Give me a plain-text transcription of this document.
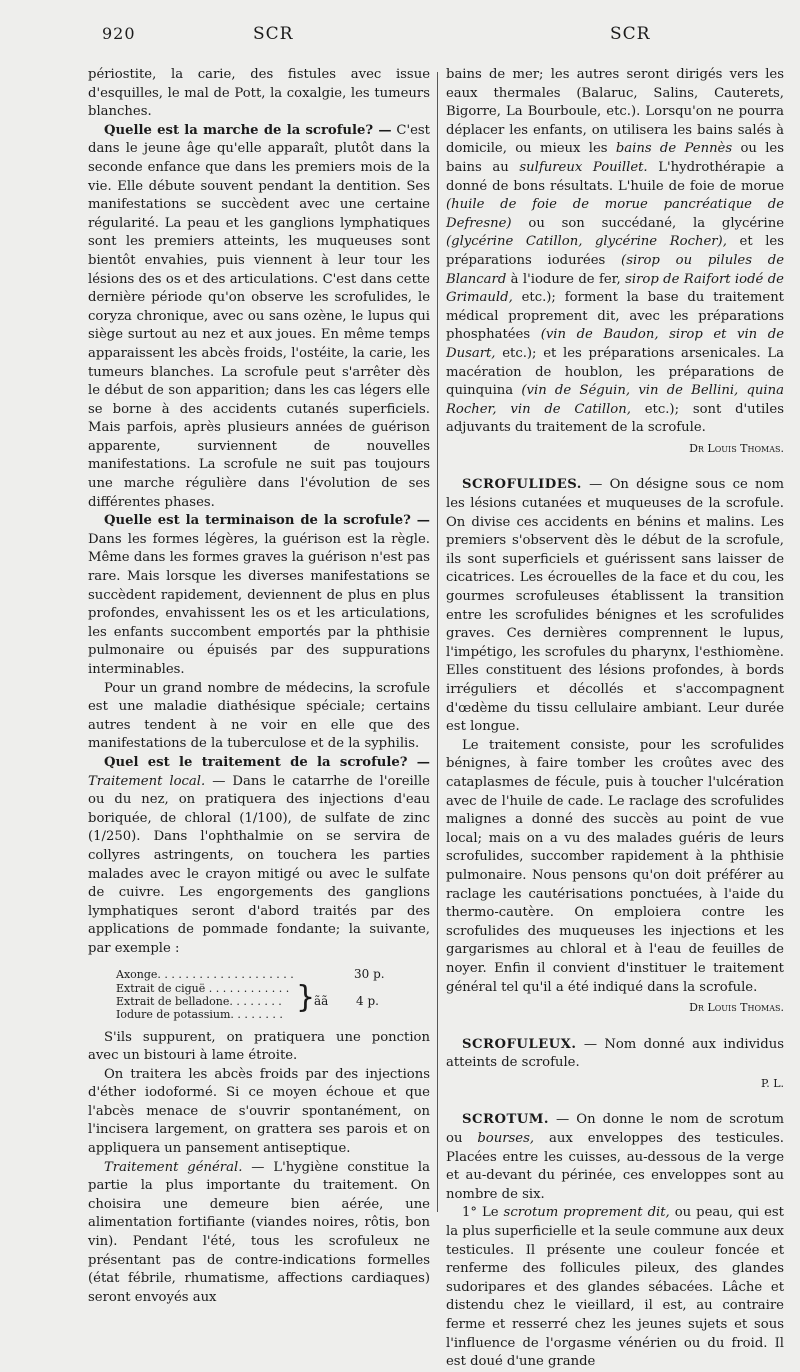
920	SCR	SCR

périostite, la carie, des fistules avec issue d'esquilles, le mal de Pott, la coxalgie, les tumeurs blanches.

Quelle est la marche de la scrofule? — C'est dans le jeune âge qu'elle apparaît, plutôt dans la seconde enfance que dans les premiers mois de la vie. Elle débute souvent pendant la dentition. Ses manifestations se succèdent avec une certaine régularité. La peau et les ganglions lymphatiques sont les premiers atteints, les muqueuses sont bientôt envahies, puis viennent à leur tour les lésions des os et des articulations. C'est dans cette dernière période qu'on observe les scrofulides, le coryza chronique, avec ou sans ozène, le lupus qui siège surtout au nez et aux joues. En même temps apparaissent les abcès froids, l'ostéite, la carie, les tumeurs blanches. La scrofule peut s'arrêter dès le début de son apparition; dans les cas légers elle se borne à des accidents cutanés superficiels. Mais parfois, après plusieurs années de guérison apparente, surviennent de nouvelles manifestations. La scrofule ne suit pas toujours une marche régulière dans l'évolution de ses différentes phases.

Quelle est la terminaison de la scrofule? — Dans les formes légères, la guérison est la règle. Même dans les formes graves la guérison n'est pas rare. Mais lorsque les diverses manifestations se succèdent rapidement, deviennent de plus en plus profondes, envahissent les os et les articulations, les enfants succombent emportés par la phthisie pulmonaire ou épuisés par des suppurations interminables.

Pour un grand nombre de médecins, la scrofule est une maladie diathésique spéciale; certains autres tendent à ne voir en elle que des manifestations de la tuberculose et de la syphilis.

Quel est le traitement de la scrofule? — Traitement local. — Dans le catarrhe de l'oreille ou du nez, on pratiquera des injections d'eau boriquée, de chloral (1/100), de sulfate de zinc (1/250). Dans l'ophthalmie on se servira de collyres astringents, on touchera les parties malades avec le crayon mitigé ou avec le sulfate de cuivre. Les engorgements des ganglions lymphatiques seront d'abord traités par des applications de pommade fondante; la suivante, par exemple :

Axonge. . . . . . . . . . . . . . . . . . . .	30 p.
Extrait de ciguë . . . . . . . . . . . .
Extrait de belladone. . . . . . . .
Iodure de potassium. . . . . . . . }
ãã 4 p.

S'ils suppurent, on pratiquera une ponction avec un bistouri à lame étroite.

On traitera les abcès froids par des injections d'éther iodoformé. Si ce moyen échoue et que l'abcès menace de s'ouvrir spontanément, on l'incisera largement, on grattera ses parois et on appliquera un pansement antiseptique.

Traitement général. — L'hygiène constitue la partie la plus importante du traitement. On choisira une demeure bien aérée, une alimentation fortifiante (viandes noires, rôtis, bon vin). Pendant l'été, tous les scrofuleux ne présentant pas de contre-indications formelles (état fébrile, rhumatisme, affections cardiaques) seront envoyés aux

bains de mer; les autres seront dirigés vers les eaux thermales (Balaruc, Salins, Cauterets, Bigorre, La Bourboule, etc.). Lorsqu'on ne pourra déplacer les enfants, on utilisera les bains salés à domicile, ou mieux les bains de Pennès ou les bains au sulfureux Pouillet. L'hydrothérapie a donné de bons résultats. L'huile de foie de morue (huile de foie de morue pancréatique de Defresne) ou son succédané, la glycérine (glycérine Catillon, glycérine Rocher), et les préparations iodurées (sirop ou pilules de Blancard à l'iodure de fer, sirop de Raifort iodé de Grimauld, etc.); forment la base du traitement médical proprement dit, avec les préparations phosphatées (vin de Baudon, sirop et vin de Dusart, etc.); et les préparations arsenicales. La macération de houblon, les préparations de quinquina (vin de Séguin, vin de Bellini, quina Rocher, vin de Catillon, etc.); sont d'utiles adjuvants du traitement de la scrofule.

Dr Louis Thomas.

SCROFULIDES. — On désigne sous ce nom les lésions cutanées et muqueuses de la scrofule. On divise ces accidents en bénins et malins. Les premiers s'observent dès le début de la scrofule, ils sont superficiels et guérissent sans laisser de cicatrices. Les écrouelles de la face et du cou, les gourmes scrofuleuses établissent la transition entre les scrofulides bénignes et les scrofulides graves. Ces dernières comprennent le lupus, l'impétigo, les scrofules du pharynx, l'esthiomène. Elles constituent des lésions profondes, à bords irréguliers et décollés et s'accompagnent d'œdème du tissu cellulaire ambiant. Leur durée est longue.

Le traitement consiste, pour les scrofulides bénignes, à faire tomber les croûtes avec des cataplasmes de fécule, puis à toucher l'ulcération avec de l'huile de cade. Le raclage des scrofulides malignes a donné des succès au point de vue local; mais on a vu des malades guéris de leurs scrofulides, succomber rapidement à la phthisie pulmonaire. Nous pensons qu'on doit préférer au raclage les cautérisations ponctuées, à l'aide du thermo-cautère. On emploiera contre les scrofulides des muqueuses les injections et les gargarismes au chloral et à l'eau de feuilles de noyer. Enfin il convient d'instituer le traitement général tel qu'il a été indiqué dans la scrofule.

Dr Louis Thomas.

SCROFULEUX. — Nom donné aux individus atteints de scrofule.

P. L.

SCROTUM. — On donne le nom de scrotum ou bourses, aux enveloppes des testicules. Placées entre les cuisses, au-dessous de la verge et au-devant du périnée, ces enveloppes sont au nombre de six.

1° Le scrotum proprement dit, ou peau, qui est la plus superficielle et la seule commune aux deux testicules. Il présente une couleur foncée et renferme des follicules pileux, des glandes sudoripares et des glandes sébacées. Lâche et distendu chez le vieillard, il est, au contraire ferme et resserré chez les jeunes sujets et sous l'influence de l'orgasme vénérien ou du froid. Il est doué d'une grande
